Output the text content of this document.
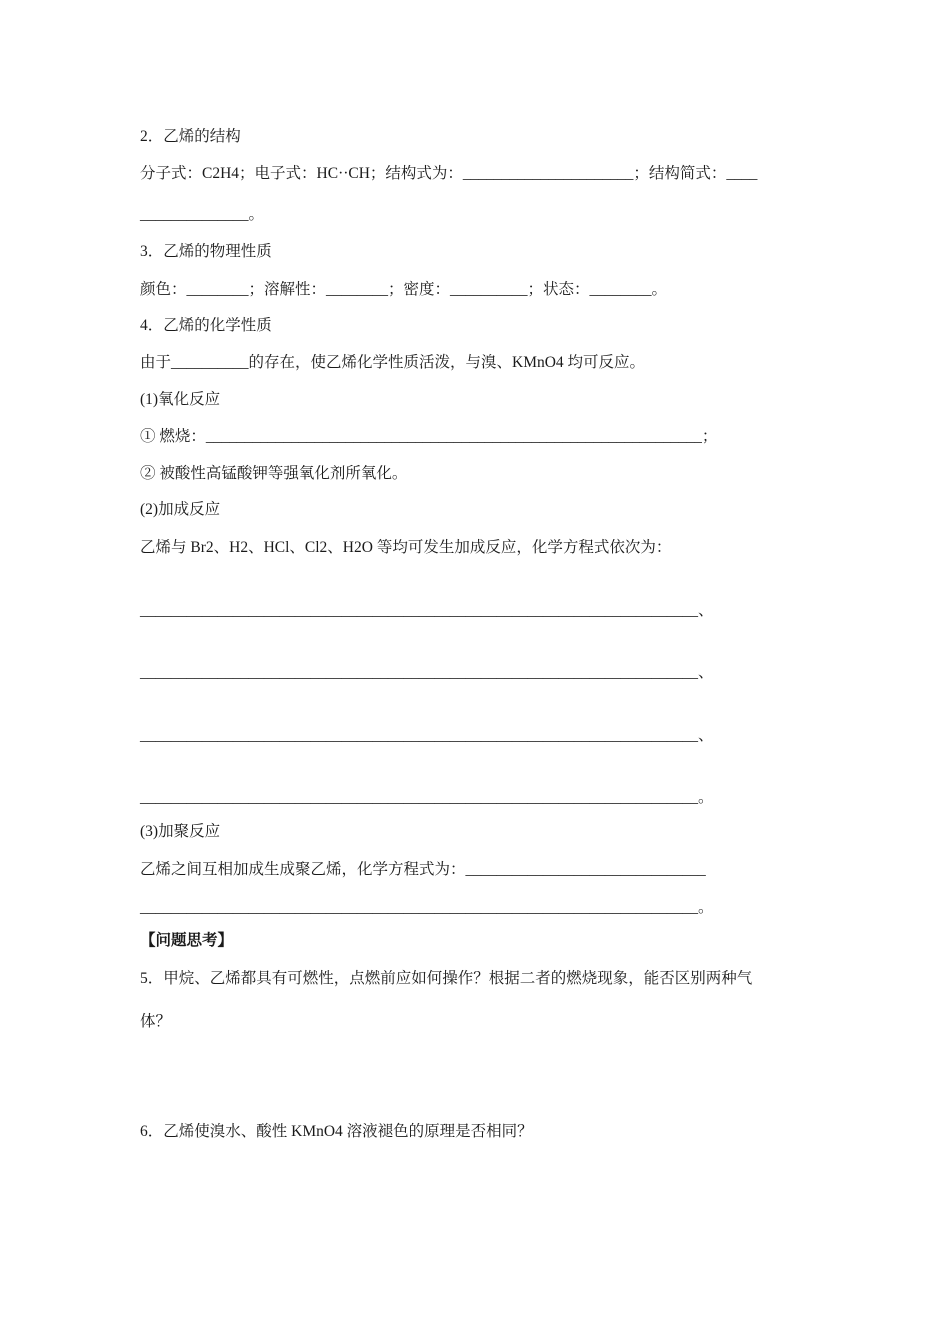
2．乙烯的结构
分子式：C2H4；电子式：HC··CH；结构式为：______________________；结构简式：____
______________。
3．乙烯的物理性质
颜色：________；溶解性：________；密度：__________；状态：________。
4．乙烯的化学性质
由于__________的存在，使乙烯化学性质活泼，与溴、KMnO4 均可反应。
(1)氧化反应
① 燃烧：________________________________________________________________；
② 被酸性高锰酸钾等强氧化剂所氧化。
(2)加成反应
乙烯与 Br2、H2、HCl、Cl2、H2O 等均可发生加成反应，化学方程式依次为：
________________________________________________________________________、
________________________________________________________________________、
________________________________________________________________________、
________________________________________________________________________。
(3)加聚反应
乙烯之间互相加成生成聚乙烯，化学方程式为：_______________________________
________________________________________________________________________。
【问题思考】
5．甲烷、乙烯都具有可燃性，点燃前应如何操作？根据二者的燃烧现象，能否区别两种气
体？
6．乙烯使溴水、酸性 KMnO4 溶液褪色的原理是否相同？
